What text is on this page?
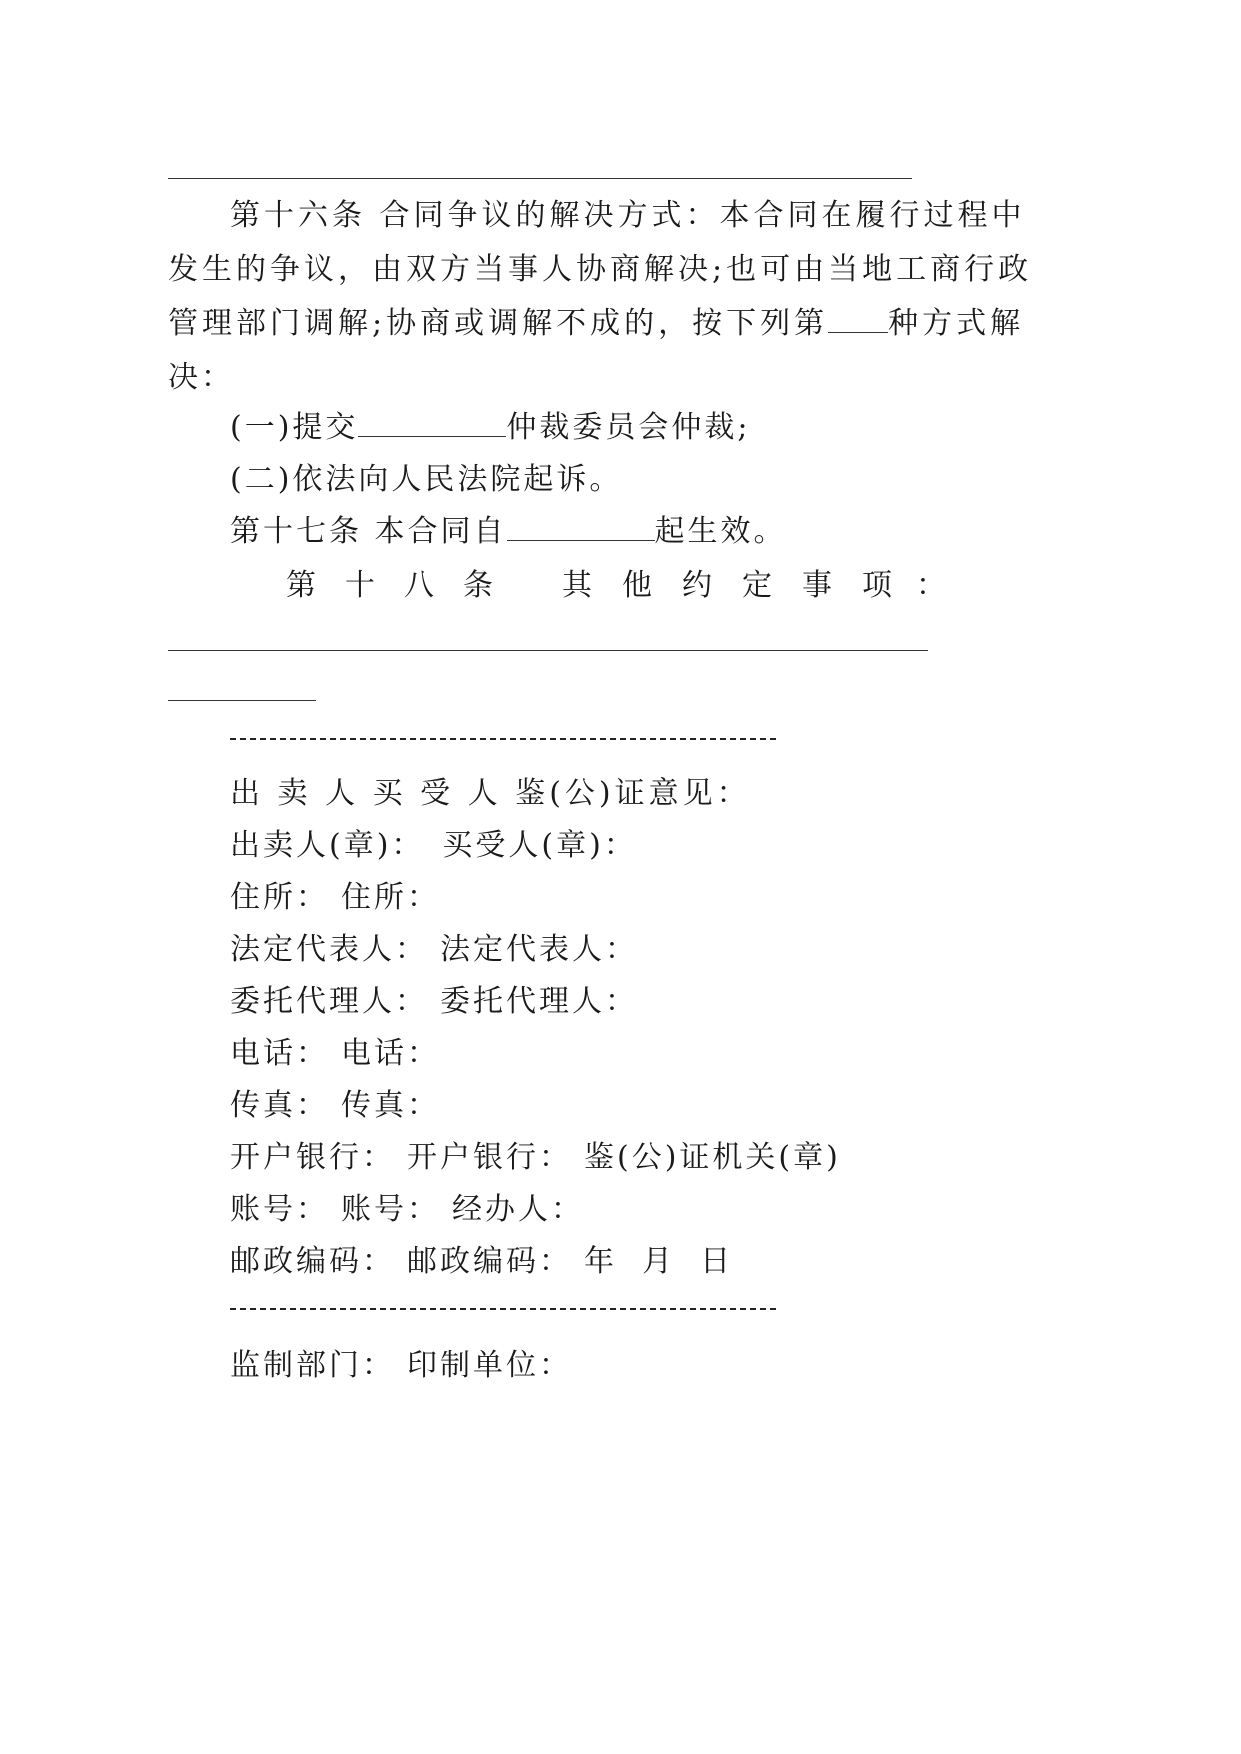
第十六条 合同争议的解决方式：本合同在履行过程中
发生的争议，由双方当事人协商解决;也可由当地工商行政
管理部门调解;协商或调解不成的，按下列第 种方式解
决：
(一)提交	仲裁委员会仲裁;
(二)依法向人民法院起诉。
第十七条 本合同自	起生效。
第 十 八 条 其 他 约 定 事 项 ：
出 卖 人 买 受 人 鉴(公)证意见：
出卖人(章)： 买受人(章)：
住所： 住所：
法定代表人： 法定代表人：
委托代理人： 委托代理人：
电话： 电话：
传真： 传真：
开户银行： 开户银行： 鉴(公)证机关(章)
账号： 账号： 经办人：
邮政编码： 邮政编码： 年  月  日
监制部门： 印制单位：
